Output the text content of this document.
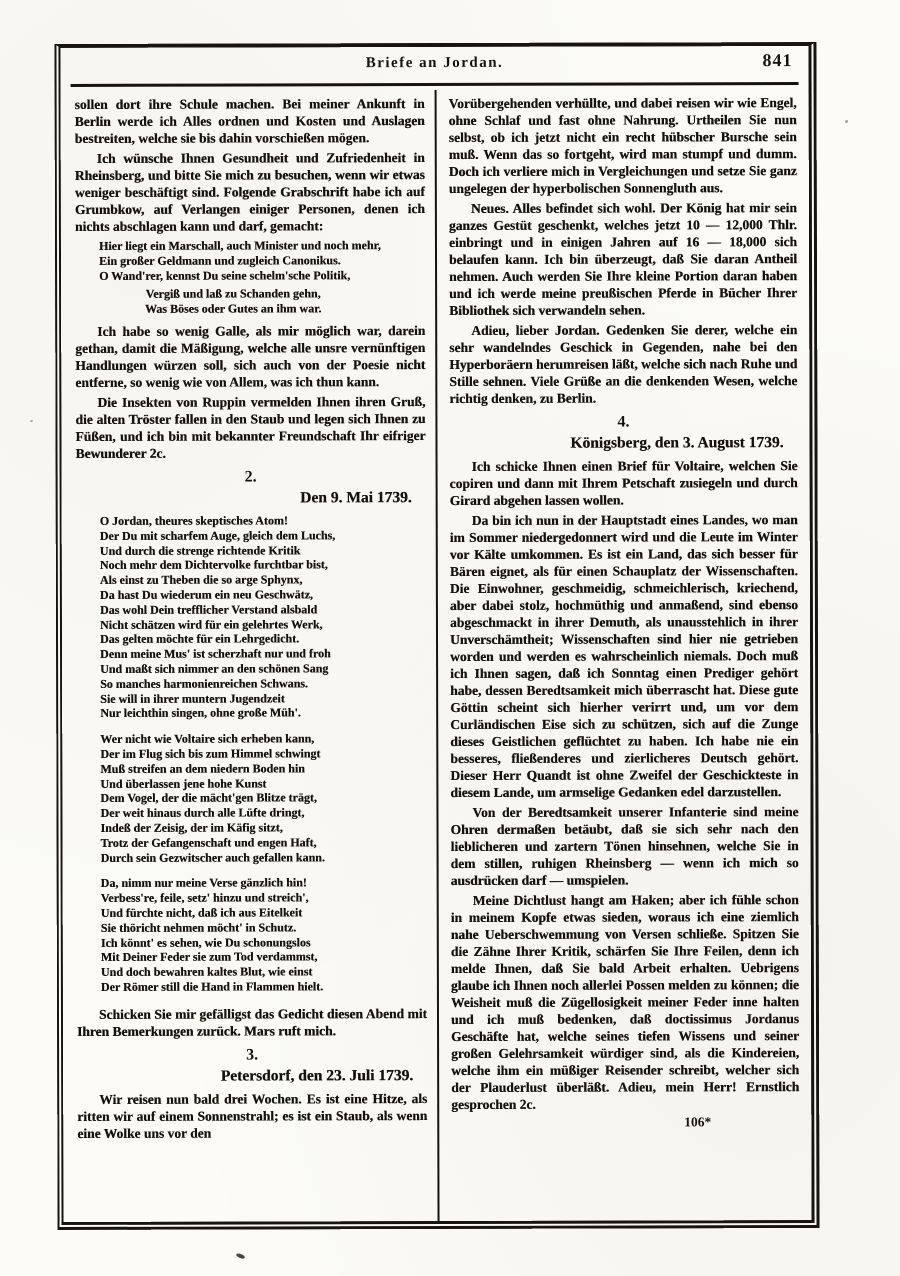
Briefe an Jordan.	841

sollen dort ihre Schule machen. Bei meiner Ankunft in Berlin werde ich Alles ordnen und Kosten und Auslagen bestreiten, welche sie bis dahin vorschießen mögen.

Ich wünsche Ihnen Gesundheit und Zufriedenheit in Rheinsberg, und bitte Sie mich zu besuchen, wenn wir etwas weniger beschäftigt sind. Folgende Grabschrift habe ich auf Grumbkow, auf Verlangen einiger Personen, denen ich nichts abschlagen kann und darf, gemacht:

Hier liegt ein Marschall, auch Minister und noch mehr,
Ein großer Geldmann und zugleich Canonikus.
O Wand'rer, kennst Du seine schelm'sche Politik,
Vergiß und laß zu Schanden gehn,
Was Böses oder Gutes an ihm war.

Ich habe so wenig Galle, als mir möglich war, darein gethan, damit die Mäßigung, welche alle unsre vernünftigen Handlungen würzen soll, sich auch von der Poesie nicht entferne, so wenig wie von Allem, was ich thun kann.

Die Insekten von Ruppin vermelden Ihnen ihren Gruß, die alten Tröster fallen in den Staub und legen sich Ihnen zu Füßen, und ich bin mit bekannter Freundschaft Ihr eifriger Bewunderer 2c.

2.
Den 9. Mai 1739.
O Jordan, theures skeptisches Atom!
Der Du mit scharfem Auge, gleich dem Luchs,
Und durch die strenge richtende Kritik
Noch mehr dem Dichtervolke furchtbar bist,
Als einst zu Theben die so arge Sphynx,
Da hast Du wiederum ein neu Geschwätz,
Das wohl Dein trefflicher Verstand alsbald
Nicht schätzen wird für ein gelehrtes Werk,
Das gelten möchte für ein Lehrgedicht.
Denn meine Mus' ist scherzhaft nur und froh
Und maßt sich nimmer an den schönen Sang
So manches harmonienreichen Schwans.
Sie will in ihrer muntern Jugendzeit
Nur leichthin singen, ohne große Müh'.
Wer nicht wie Voltaire sich erheben kann,
Der im Flug sich bis zum Himmel schwingt
Muß streifen an dem niedern Boden hin
Und überlassen jene hohe Kunst
Dem Vogel, der die mächt'gen Blitze trägt,
Der weit hinaus durch alle Lüfte dringt,
Indeß der Zeisig, der im Käfig sitzt,
Trotz der Gefangenschaft und engen Haft,
Durch sein Gezwitscher auch gefallen kann.
Da, nimm nur meine Verse gänzlich hin!
Verbess're, feile, setz' hinzu und streich',
Und fürchte nicht, daß ich aus Eitelkeit
Sie thöricht nehmen möcht' in Schutz.
Ich könnt' es sehen, wie Du schonungslos
Mit Deiner Feder sie zum Tod verdammst,
Und doch bewahren kaltes Blut, wie einst
Der Römer still die Hand in Flammen hielt.

Schicken Sie mir gefälligst das Gedicht diesen Abend mit Ihren Bemerkungen zurück. Mars ruft mich.

3.
Petersdorf, den 23. Juli 1739.

Wir reisen nun bald drei Wochen. Es ist eine Hitze, als ritten wir auf einem Sonnenstrahl; es ist ein Staub, als wenn eine Wolke uns vor den

Vorübergehenden verhüllte, und dabei reisen wir wie Engel, ohne Schlaf und fast ohne Nahrung. Urtheilen Sie nun selbst, ob ich jetzt nicht ein recht hübscher Bursche sein muß. Wenn das so fortgeht, wird man stumpf und dumm. Doch ich verliere mich in Vergleichungen und setze Sie ganz ungelegen der hyperbolischen Sonnengluth aus.

Neues. Alles befindet sich wohl. Der König hat mir sein ganzes Gestüt geschenkt, welches jetzt 10 — 12,000 Thlr. einbringt und in einigen Jahren auf 16 — 18,000 sich belaufen kann. Ich bin überzeugt, daß Sie daran Antheil nehmen. Auch werden Sie Ihre kleine Portion daran haben und ich werde meine preußischen Pferde in Bücher Ihrer Bibliothek sich verwandeln sehen.

Adieu, lieber Jordan. Gedenken Sie derer, welche ein sehr wandelndes Geschick in Gegenden, nahe bei den Hyperboräern herumreisen läßt, welche sich nach Ruhe und Stille sehnen. Viele Grüße an die denkenden Wesen, welche richtig denken, zu Berlin.

4.
Königsberg, den 3. August 1739.

Ich schicke Ihnen einen Brief für Voltaire, welchen Sie copiren und dann mit Ihrem Petschaft zusiegeln und durch Girard abgehen lassen wollen.

Da bin ich nun in der Hauptstadt eines Landes, wo man im Sommer niedergedonnert wird und die Leute im Winter vor Kälte umkommen. Es ist ein Land, das sich besser für Bären eignet, als für einen Schauplatz der Wissenschaften. Die Einwohner, geschmeidig, schmeichlerisch, kriechend, aber dabei stolz, hochmüthig und anmaßend, sind ebenso abgeschmackt in ihrer Demuth, als unausstehlich in ihrer Unverschämtheit; Wissenschaften sind hier nie getrieben worden und werden es wahrscheinlich niemals. Doch muß ich Ihnen sagen, daß ich Sonntag einen Prediger gehört habe, dessen Beredtsamkeit mich überrascht hat. Diese gute Göttin scheint sich hierher verirrt und, um vor dem Curländischen Eise sich zu schützen, sich auf die Zunge dieses Geistlichen geflüchtet zu haben. Ich habe nie ein besseres, fließenderes und zierlicheres Deutsch gehört. Dieser Herr Quandt ist ohne Zweifel der Geschickteste in diesem Lande, um armselige Gedanken edel darzustellen.

Von der Beredtsamkeit unserer Infanterie sind meine Ohren dermaßen betäubt, daß sie sich sehr nach den lieblicheren und zartern Tönen hinsehnen, welche Sie in dem stillen, ruhigen Rheinsberg — wenn ich mich so ausdrücken darf — umspielen.

Meine Dichtlust hangt am Haken; aber ich fühle schon in meinem Kopfe etwas sieden, woraus ich eine ziemlich nahe Ueberschwemmung von Versen schließe. Spitzen Sie die Zähne Ihrer Kritik, schärfen Sie Ihre Feilen, denn ich melde Ihnen, daß Sie bald Arbeit erhalten. Uebrigens glaube ich Ihnen noch allerlei Possen melden zu können; die Weisheit muß die Zügellosigkeit meiner Feder inne halten und ich muß bedenken, daß doctissimus Jordanus Geschäfte hat, welche seines tiefen Wissens und seiner großen Gelehrsamkeit würdiger sind, als die Kindereien, welche ihm ein müßiger Reisender schreibt, welcher sich der Plauderlust überläßt. Adieu, mein Herr! Ernstlich gesprochen 2c.

106*
